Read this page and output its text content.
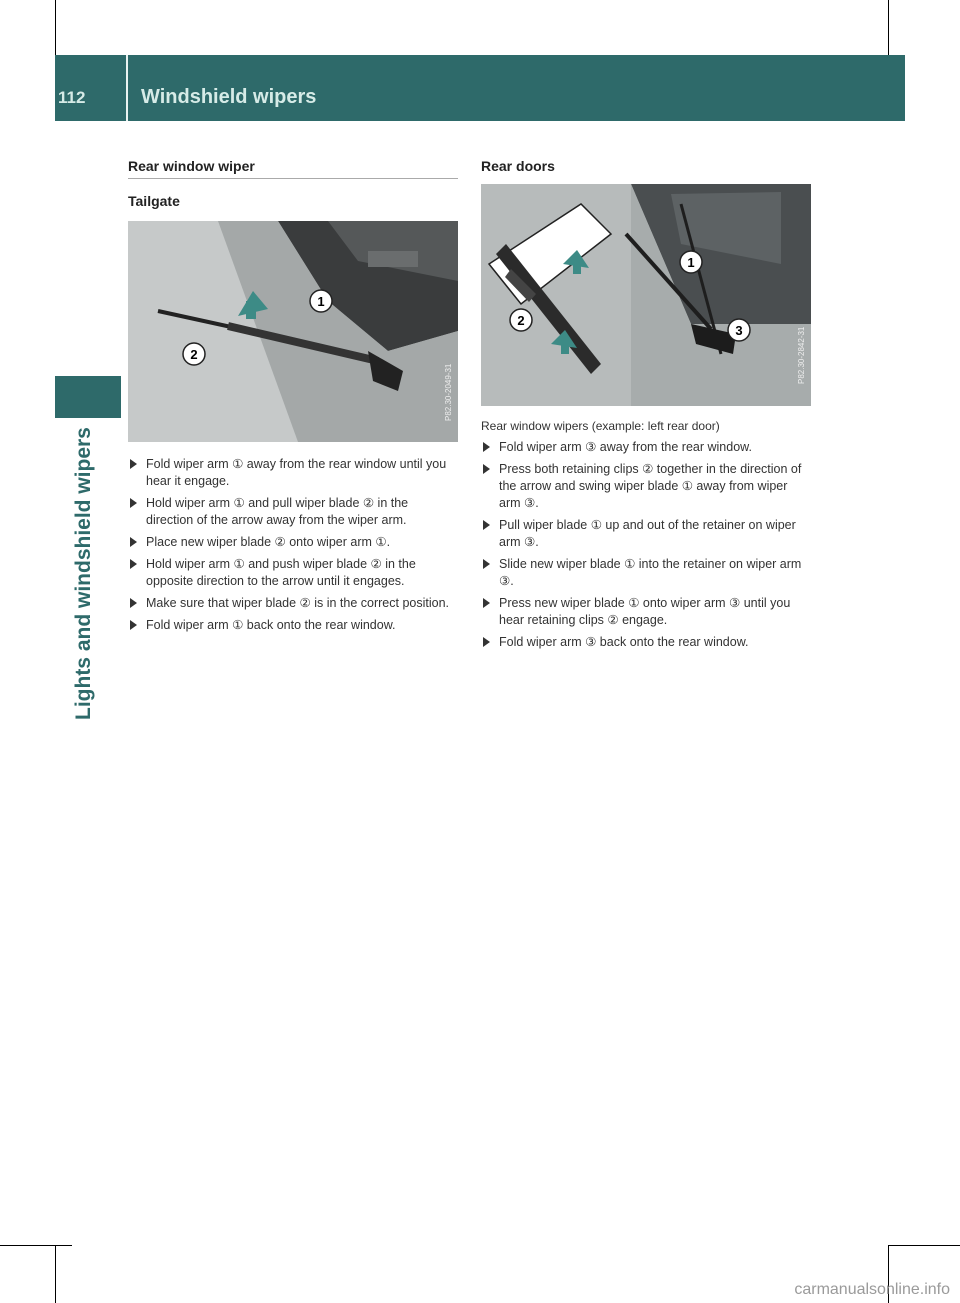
112	Windshield wipers
Lights and windshield wipers
Rear window wiper
Tailgate
1
2
P82.30-2049-31
Fold wiper arm ① away from the rear window until you hear it engage.
Hold wiper arm ① and pull wiper blade ② in the direction of the arrow away from the wiper arm.
Place new wiper blade ② onto wiper arm ①.
Hold wiper arm ① and push wiper blade ② in the opposite direction to the arrow until it engages.
Make sure that wiper blade ② is in the correct position.
Fold wiper arm ① back onto the rear window.
Rear doors
1
2
3	P82.30-2842-31
Rear window wipers (example: left rear door)
Fold wiper arm ③ away from the rear window.
Press both retaining clips ② together in the direction of the arrow and swing wiper blade ① away from wiper arm ③.
Pull wiper blade ① up and out of the retainer on wiper arm ③.
Slide new wiper blade ① into the retainer on wiper arm ③.
Press new wiper blade ① onto wiper arm ③ until you hear retaining clips ② engage.
Fold wiper arm ③ back onto the rear window.
carmanualsonline.info
